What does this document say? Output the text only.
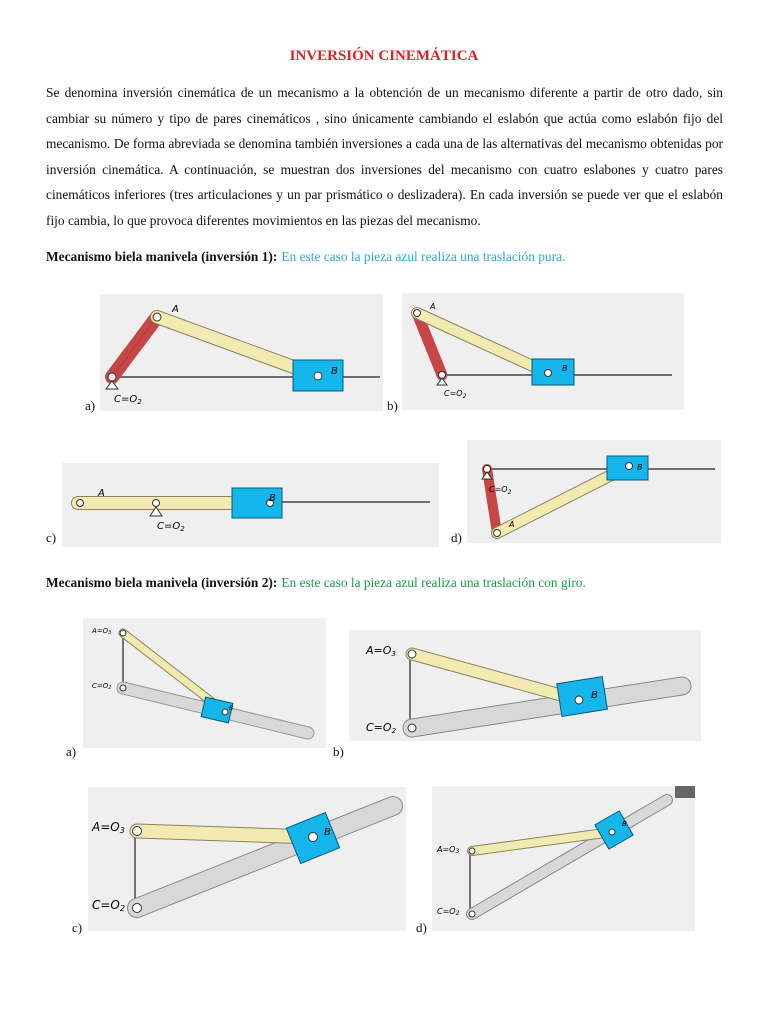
INVERSIÓN CINEMÁTICA
Se denomina inversión cinemática de un mecanismo a la obtención de un mecanismo diferente a partir de otro dado, sin cambiar su número y tipo de pares cinemáticos , sino únicamente cambiando el eslabón que actúa como eslabón fijo del mecanismo. De forma abreviada se denomina también inversiones a cada una de las alternativas del mecanismo obtenidas por inversión cinemática. A continuación, se muestran dos inversiones del mecanismo con cuatro eslabones y cuatro pares cinemáticos inferiores (tres articulaciones y un par prismático o deslizadera). En cada inversión se puede ver que el eslabón fijo cambia, lo que provoca diferentes movimientos en las piezas del mecanismo.
Mecanismo biela manivela (inversión 1): En este caso la pieza azul realiza una traslación pura.
A
B
$C=O_2$
a)
A
B
$C=O_2$
b)
A	B
$C=O_2$
c)
A
B
$C=O_2$
d)
Mecanismo biela manivela (inversión 2): En este caso la pieza azul realiza una traslación con giro.
B
A=O3
C=O2
a)
B
A=O3
C=O2
b)
B
A=O3
C=O2
c)
B
A=O3
C=O2
d)
